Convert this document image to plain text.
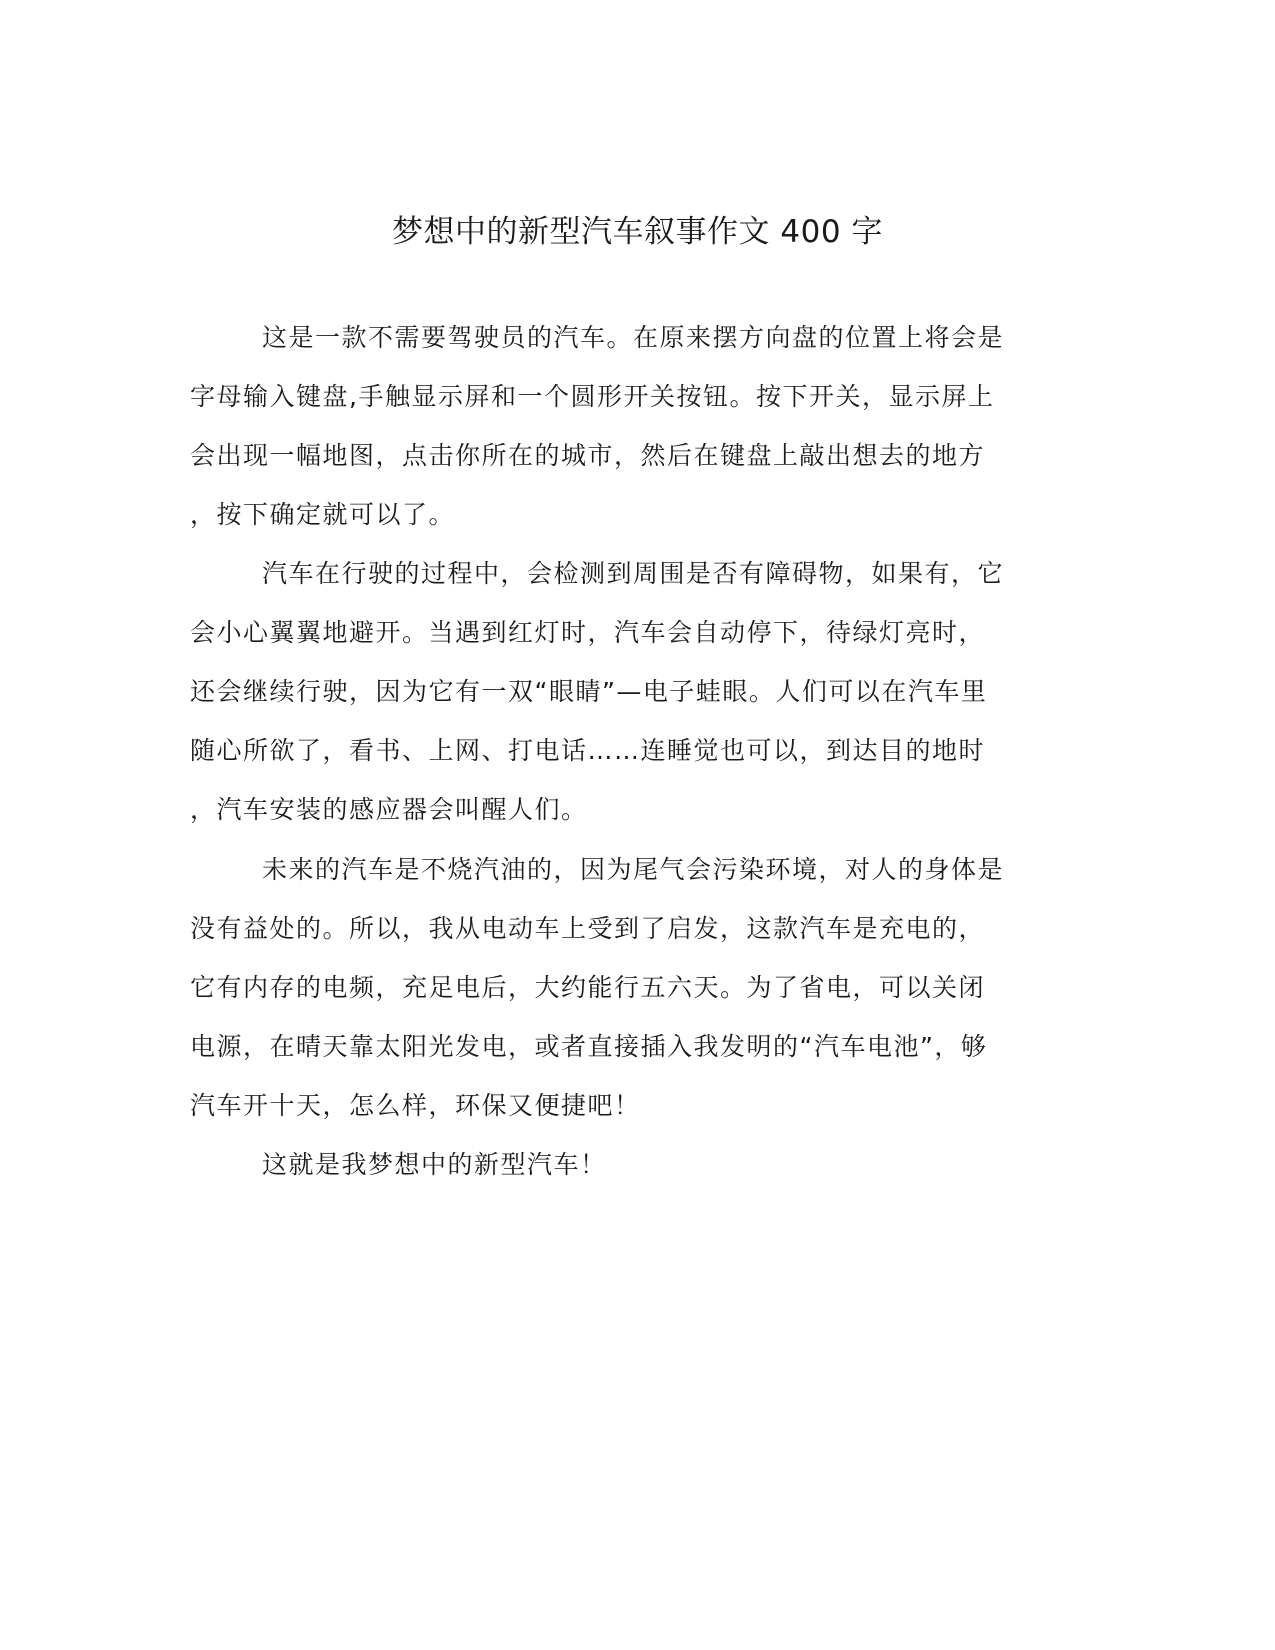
梦想中的新型汽车叙事作文 400 字

这是一款不需要驾驶员的汽车。在原来摆方向盘的位置上将会是

字母输入键盘,手触显示屏和一个圆形开关按钮。按下开关，显示屏上

会出现一幅地图，点击你所在的城市，然后在键盘上敲出想去的地方

，按下确定就可以了。

汽车在行驶的过程中，会检测到周围是否有障碍物，如果有，它

会小心翼翼地避开。当遇到红灯时，汽车会自动停下，待绿灯亮时，

还会继续行驶，因为它有一双“眼睛”—电子蛙眼。人们可以在汽车里

随心所欲了，看书、上网、打电话……连睡觉也可以，到达目的地时

，汽车安装的感应器会叫醒人们。

未来的汽车是不烧汽油的，因为尾气会污染环境，对人的身体是

没有益处的。所以，我从电动车上受到了启发，这款汽车是充电的，

它有内存的电频，充足电后，大约能行五六天。为了省电，可以关闭

电源，在晴天靠太阳光发电，或者直接插入我发明的“汽车电池”，够

汽车开十天，怎么样，环保又便捷吧！

这就是我梦想中的新型汽车！
